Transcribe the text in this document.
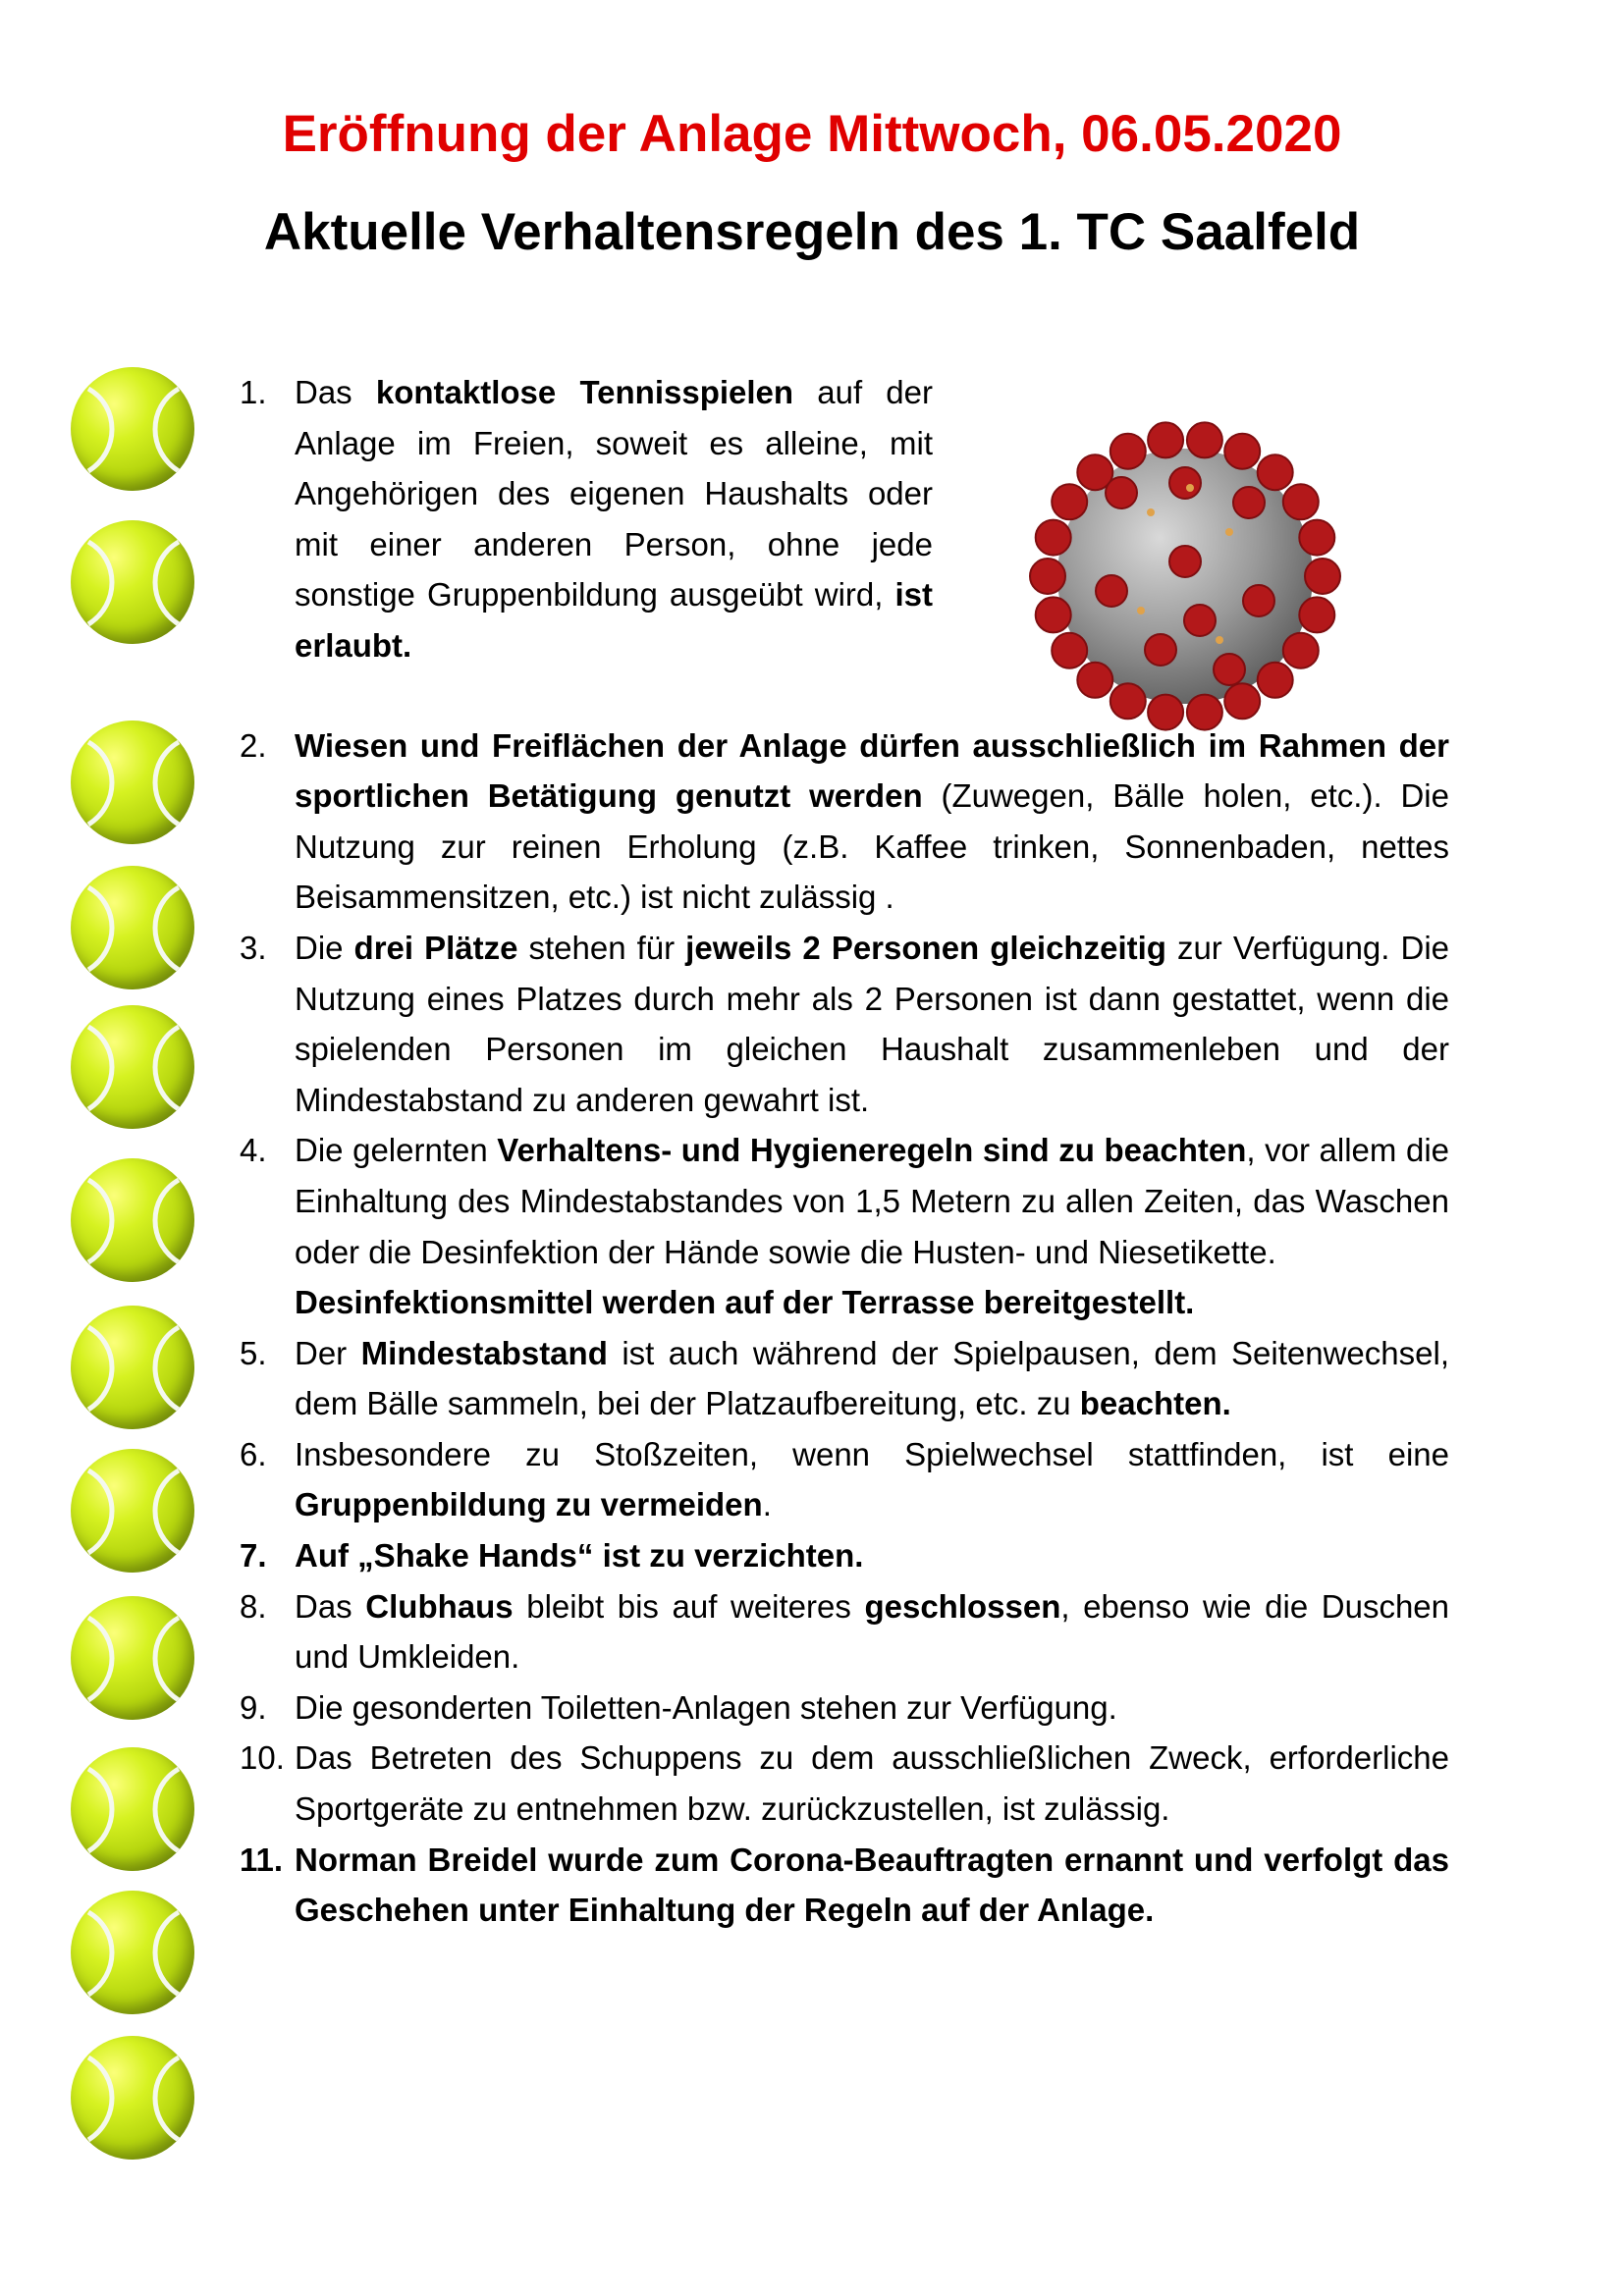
Eröffnung der Anlage Mittwoch, 06.05.2020
Aktuelle Verhaltensregeln des 1. TC Saalfeld
1. Das kontaktlose Tennisspielen auf der Anlage im Freien, soweit es alleine, mit Angehörigen des eigenen Haushalts oder mit einer anderen Person, ohne jede sonstige Gruppenbildung ausgeübt wird, ist erlaubt.
2. Wiesen und Freiflächen der Anlage dürfen ausschließlich im Rahmen der sportlichen Betätigung genutzt werden (Zuwegen, Bälle holen, etc.). Die Nutzung zur reinen Erholung (z.B. Kaffee trinken, Sonnenbaden, nettes Beisammensitzen, etc.) ist nicht zulässig .
3. Die drei Plätze stehen für jeweils 2 Personen gleichzeitig zur Verfügung. Die Nutzung eines Platzes durch mehr als 2 Personen ist dann gestattet, wenn die spielenden Personen im gleichen Haushalt zusammenleben und der Mindestabstand zu anderen gewahrt ist.
4. Die gelernten Verhaltens- und Hygieneregeln sind zu beachten, vor allem die Einhaltung des Mindestabstandes von 1,5 Metern zu allen Zeiten, das Waschen oder die Desinfektion der Hände sowie die Husten- und Niesetikette.
Desinfektionsmittel werden auf der Terrasse bereitgestellt.
5. Der Mindestabstand ist auch während der Spielpausen, dem Seitenwechsel, dem Bälle sammeln, bei der Platzaufbereitung, etc. zu beachten.
6. Insbesondere zu Stoßzeiten, wenn Spielwechsel stattfinden, ist eine Gruppenbildung zu vermeiden.
7. Auf „Shake Hands“ ist zu verzichten.
8. Das Clubhaus bleibt bis auf weiteres geschlossen, ebenso wie die Duschen und Umkleiden.
9. Die gesonderten Toiletten-Anlagen stehen zur Verfügung.
10. Das Betreten des Schuppens zu dem ausschließlichen Zweck, erforderliche Sportgeräte zu entnehmen bzw. zurückzustellen, ist zulässig.
11. Norman Breidel wurde zum Corona-Beauftragten ernannt und verfolgt das Geschehen unter Einhaltung der Regeln auf der Anlage.
